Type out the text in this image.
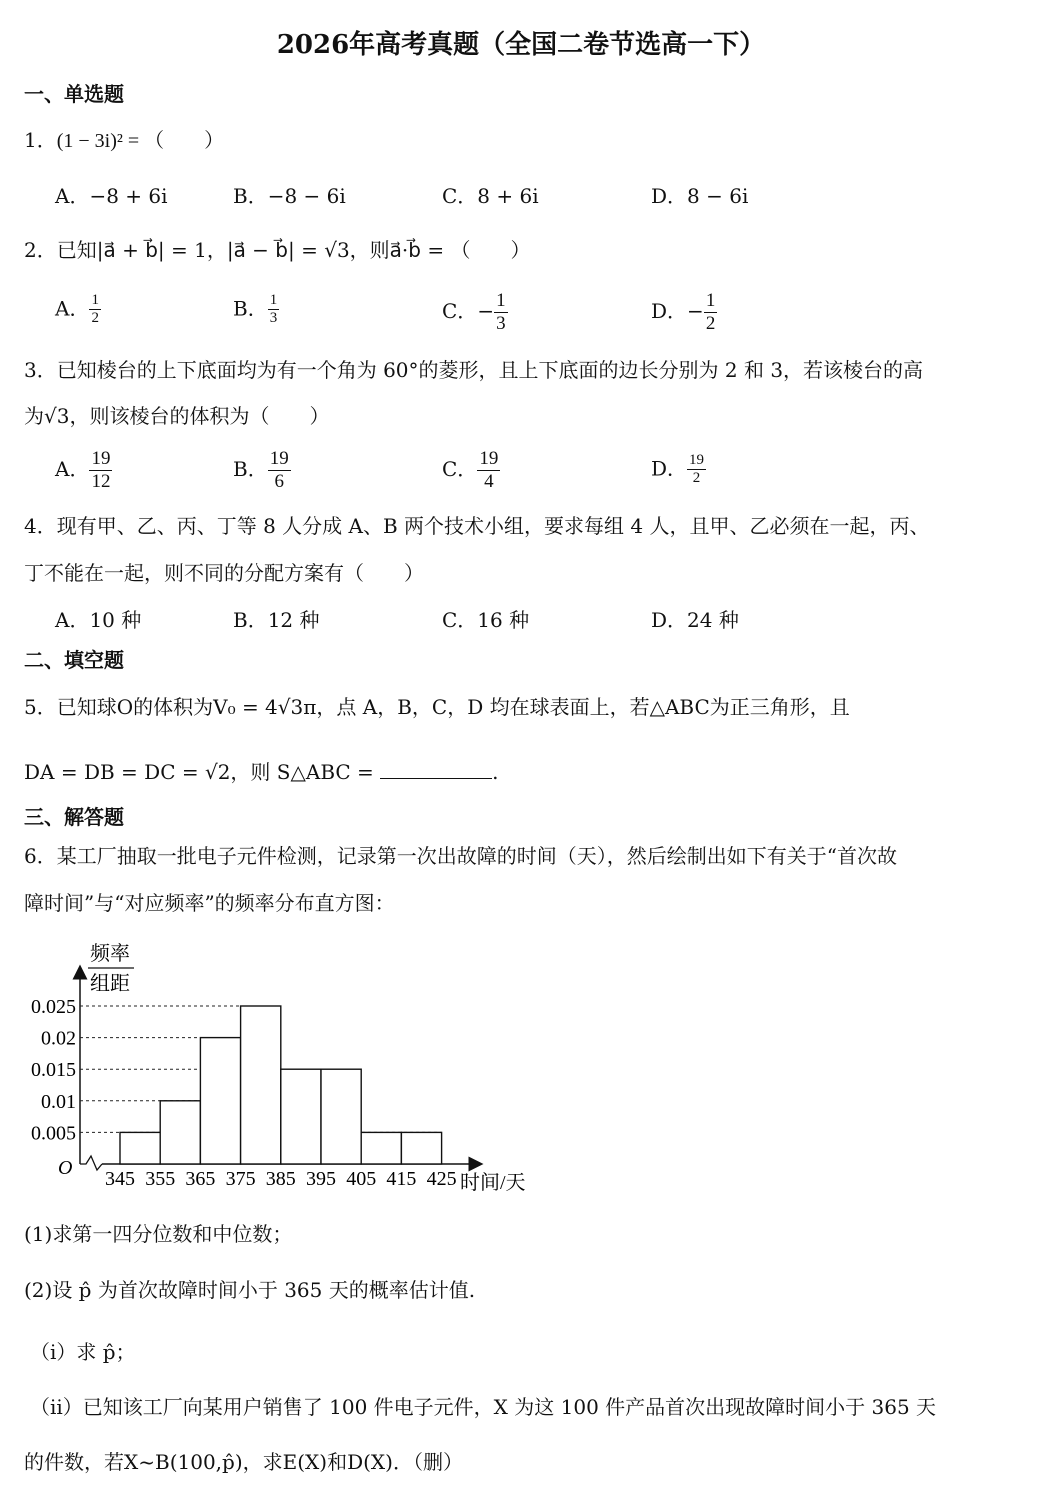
2026年高考真题（全国二卷节选高一下）
一、单选题
1．(1 − 3i)² = （　　）
A．−8 + 6i	B．−8 − 6i	C．8 + 6i	D．8 − 6i
2．已知|a⃗ + b⃗| = 1，|a⃗ − b⃗| = √3，则a⃗·b⃗ = （　　）
A． $\frac{1}{2}$	B． $\frac{1}{3}$	C．− $\frac{1}{3}$	D．− $\frac{1}{2}$
3．已知棱台的上下底面均为有一个角为 60°的菱形，且上下底面的边长分别为 2 和 3，若该棱台的高
为√3，则该棱台的体积为（　　）
A． $\frac{19}{12}$	B． $\frac{19}{6}$	C． $\frac{19}{4}$	D． $\frac{19}{2}$
4．现有甲、乙、丙、丁等 8 人分成 A、B 两个技术小组，要求每组 4 人，且甲、乙必须在一起，丙、
丁不能在一起，则不同的分配方案有（　　）
A．10 种	B．12 种	C．16 种	D．24 种
二、填空题
5．已知球O的体积为V₀ = 4√3π，点 A，B，C，D 均在球表面上，若△ABC为正三角形，且
DA = DB = DC = √2，则 S△ABC =	.
三、解答题
6．某工厂抽取一批电子元件检测，记录第一次出故障的时间（天），然后绘制出如下有关于“首次故
障时间”与“对应频率”的频率分布直方图：
频率
组距
O
时间/天
0.005
0.01
0.015
0.02
0.025
345 355 365 375 385 395 405 415 425
(1)求第一四分位数和中位数；
(2)设 p̂ 为首次故障时间小于 365 天的概率估计值.
（i）求 p̂；
（ii）已知该工厂向某用户销售了 100 件电子元件，X 为这 100 件产品首次出现故障时间小于 365 天
的件数，若X~B(100,p̂)，求E(X)和D(X)．（删）
